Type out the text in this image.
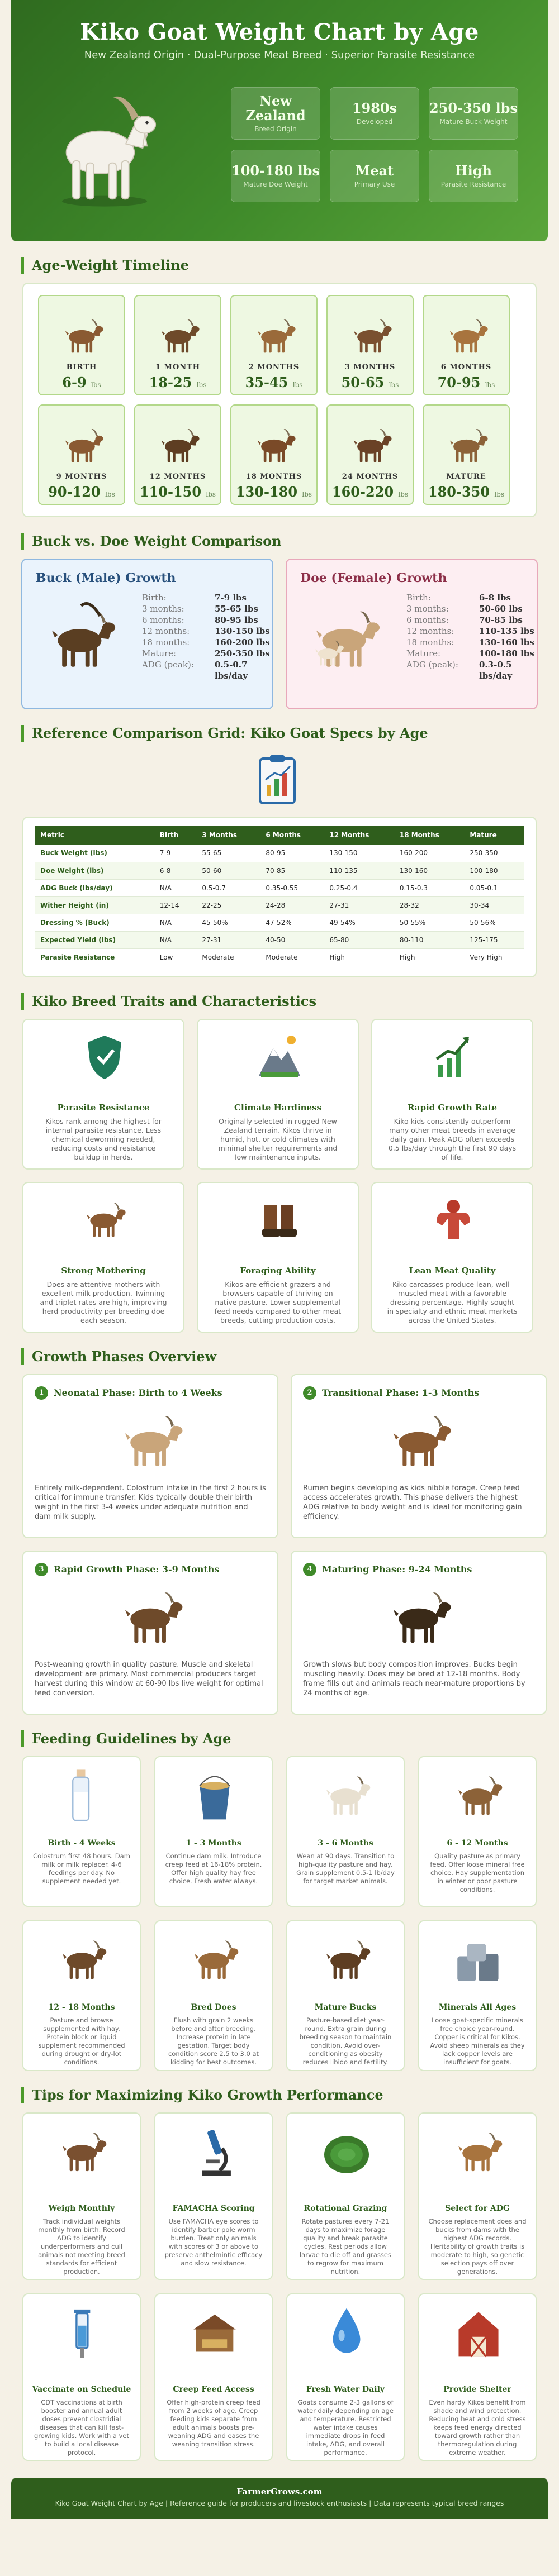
Kiko Goat Weight Chart by Age
New Zealand Origin · Dual-Purpose Meat Breed · Superior Parasite Resistance
New Zealand
Breed Origin
1980s
Developed
250-350 lbs
Mature Buck Weight
100-180 lbs
Mature Doe Weight
Meat
Primary Use
High
Parasite Resistance
Age-Weight Timeline
BIRTH
6-9 lbs
1 MONTH
18-25 lbs
2 MONTHS
35-45 lbs
3 MONTHS
50-65 lbs
6 MONTHS
70-95 lbs
9 MONTHS
90-120 lbs
12 MONTHS
110-150 lbs
18 MONTHS
130-180 lbs
24 MONTHS
160-220 lbs
MATURE
180-350 lbs
Buck vs. Doe Weight Comparison
Buck (Male) Growth
Birth:	7-9 lbs
3 months:	55-65 lbs
6 months:	80-95 lbs
12 months:	130-150 lbs
18 months:	160-200 lbs
Mature:	250-350 lbs
ADG (peak): 0.5-0.7 lbs/day
Doe (Female) Growth
Birth:	6-8 lbs
3 months:	50-60 lbs
6 months:	70-85 lbs
12 months:	110-135 lbs
18 months:	130-160 lbs
Mature:	100-180 lbs
ADG (peak): 0.3-0.5 lbs/day
Reference Comparison Grid: Kiko Goat Specs by Age
Metric	Birth	3 Months	6 Months	12 Months	18 Months	Mature
Buck Weight (lbs)	7-9	55-65	80-95	130-150	160-200	250-350
Doe Weight (lbs)	6-8	50-60	70-85	110-135	130-160	100-180
ADG Buck (lbs/day)	N/A	0.5-0.7	0.35-0.55	0.25-0.4	0.15-0.3	0.05-0.1
Wither Height (in)	12-14	22-25	24-28	27-31	28-32	30-34
Dressing % (Buck)	N/A	45-50%	47-52%	49-54%	50-55%	50-56%
Expected Yield (lbs)	N/A	27-31	40-50	65-80	80-110	125-175
Parasite Resistance	Low	Moderate	Moderate	High	High	Very High
Kiko Breed Traits and Characteristics
Parasite Resistance

Kikos rank among the highest for internal parasite resistance. Less chemical deworming needed, reducing costs and resistance buildup in herds.

Climate Hardiness

Originally selected in rugged New Zealand terrain. Kikos thrive in humid, hot, or cold climates with minimal shelter requirements and low maintenance inputs.

Rapid Growth Rate

Kiko kids consistently outperform many other meat breeds in average daily gain. Peak ADG often exceeds 0.5 lbs/day through the first 90 days of life.

Strong Mothering

Does are attentive mothers with excellent milk production. Twinning and triplet rates are high, improving herd productivity per breeding doe each season.

Foraging Ability

Kikos are efficient grazers and browsers capable of thriving on native pasture. Lower supplemental feed needs compared to other meat breeds, cutting production costs.

Lean Meat Quality

Kiko carcasses produce lean, well-muscled meat with a favorable dressing percentage. Highly sought in specialty and ethnic meat markets across the United States.

Growth Phases Overview
1	Neonatal Phase: Birth to 4 Weeks

Entirely milk-dependent. Colostrum intake in the first 2 hours is critical for immune transfer. Kids typically double their birth weight in the first 3-4 weeks under adequate nutrition and dam milk supply.

2	Transitional Phase: 1-3 Months

Rumen begins developing as kids nibble forage. Creep feed access accelerates growth. This phase delivers the highest ADG relative to body weight and is ideal for monitoring gain efficiency.

3	Rapid Growth Phase: 3-9 Months

Post-weaning growth in quality pasture. Muscle and skeletal development are primary. Most commercial producers target harvest during this window at 60-90 lbs live weight for optimal feed conversion.

4	Maturing Phase: 9-24 Months

Growth slows but body composition improves. Bucks begin muscling heavily. Does may be bred at 12-18 months. Body frame fills out and animals reach near-mature proportions by 24 months of age.

Feeding Guidelines by Age
Birth - 4 Weeks

Colostrum first 48 hours. Dam milk or milk replacer. 4-6 feedings per day. No supplement needed yet.

1 - 3 Months

Continue dam milk. Introduce creep feed at 16-18% protein. Offer high quality hay free choice. Fresh water always.

3 - 6 Months

Wean at 90 days. Transition to high-quality pasture and hay. Grain supplement 0.5-1 lb/day for target market animals.

6 - 12 Months

Quality pasture as primary feed. Offer loose mineral free choice. Hay supplementation in winter or poor pasture conditions.

12 - 18 Months

Pasture and browse supplemented with hay. Protein block or liquid supplement recommended during drought or dry-lot conditions.

Bred Does

Flush with grain 2 weeks before and after breeding. Increase protein in late gestation. Target body condition score 2.5 to 3.0 at kidding for best outcomes.

Mature Bucks

Pasture-based diet year-round. Extra grain during breeding season to maintain condition. Avoid over-conditioning as obesity reduces libido and fertility.

Minerals All Ages

Loose goat-specific minerals free choice year-round. Copper is critical for Kikos. Avoid sheep minerals as they lack copper levels are insufficient for goats.

Tips for Maximizing Kiko Growth Performance
Weigh Monthly

Track individual weights monthly from birth. Record ADG to identify underperformers and cull animals not meeting breed standards for efficient production.

FAMACHA Scoring

Use FAMACHA eye scores to identify barber pole worm burden. Treat only animals with scores of 3 or above to preserve anthelmintic efficacy and slow resistance.

Rotational Grazing

Rotate pastures every 7-21 days to maximize forage quality and break parasite cycles. Rest periods allow larvae to die off and grasses to regrow for maximum nutrition.

Select for ADG

Choose replacement does and bucks from dams with the highest ADG records. Heritability of growth traits is moderate to high, so genetic selection pays off over generations.

Vaccinate on Schedule

CDT vaccinations at birth booster and annual adult doses prevent clostridial diseases that can kill fast-growing kids. Work with a vet to build a local disease protocol.

Creep Feed Access

Offer high-protein creep feed from 2 weeks of age. Creep feeding kids separate from adult animals boosts pre-weaning ADG and eases the weaning transition stress.

Fresh Water Daily

Goats consume 2-3 gallons of water daily depending on age and temperature. Restricted water intake causes immediate drops in feed intake, ADG, and overall performance.

Provide Shelter

Even hardy Kikos benefit from shade and wind protection. Reducing heat and cold stress keeps feed energy directed toward growth rather than thermoregulation during extreme weather.

FarmerGrows.com
Kiko Goat Weight Chart by Age | Reference guide for producers and livestock enthusiasts | Data represents typical breed ranges
